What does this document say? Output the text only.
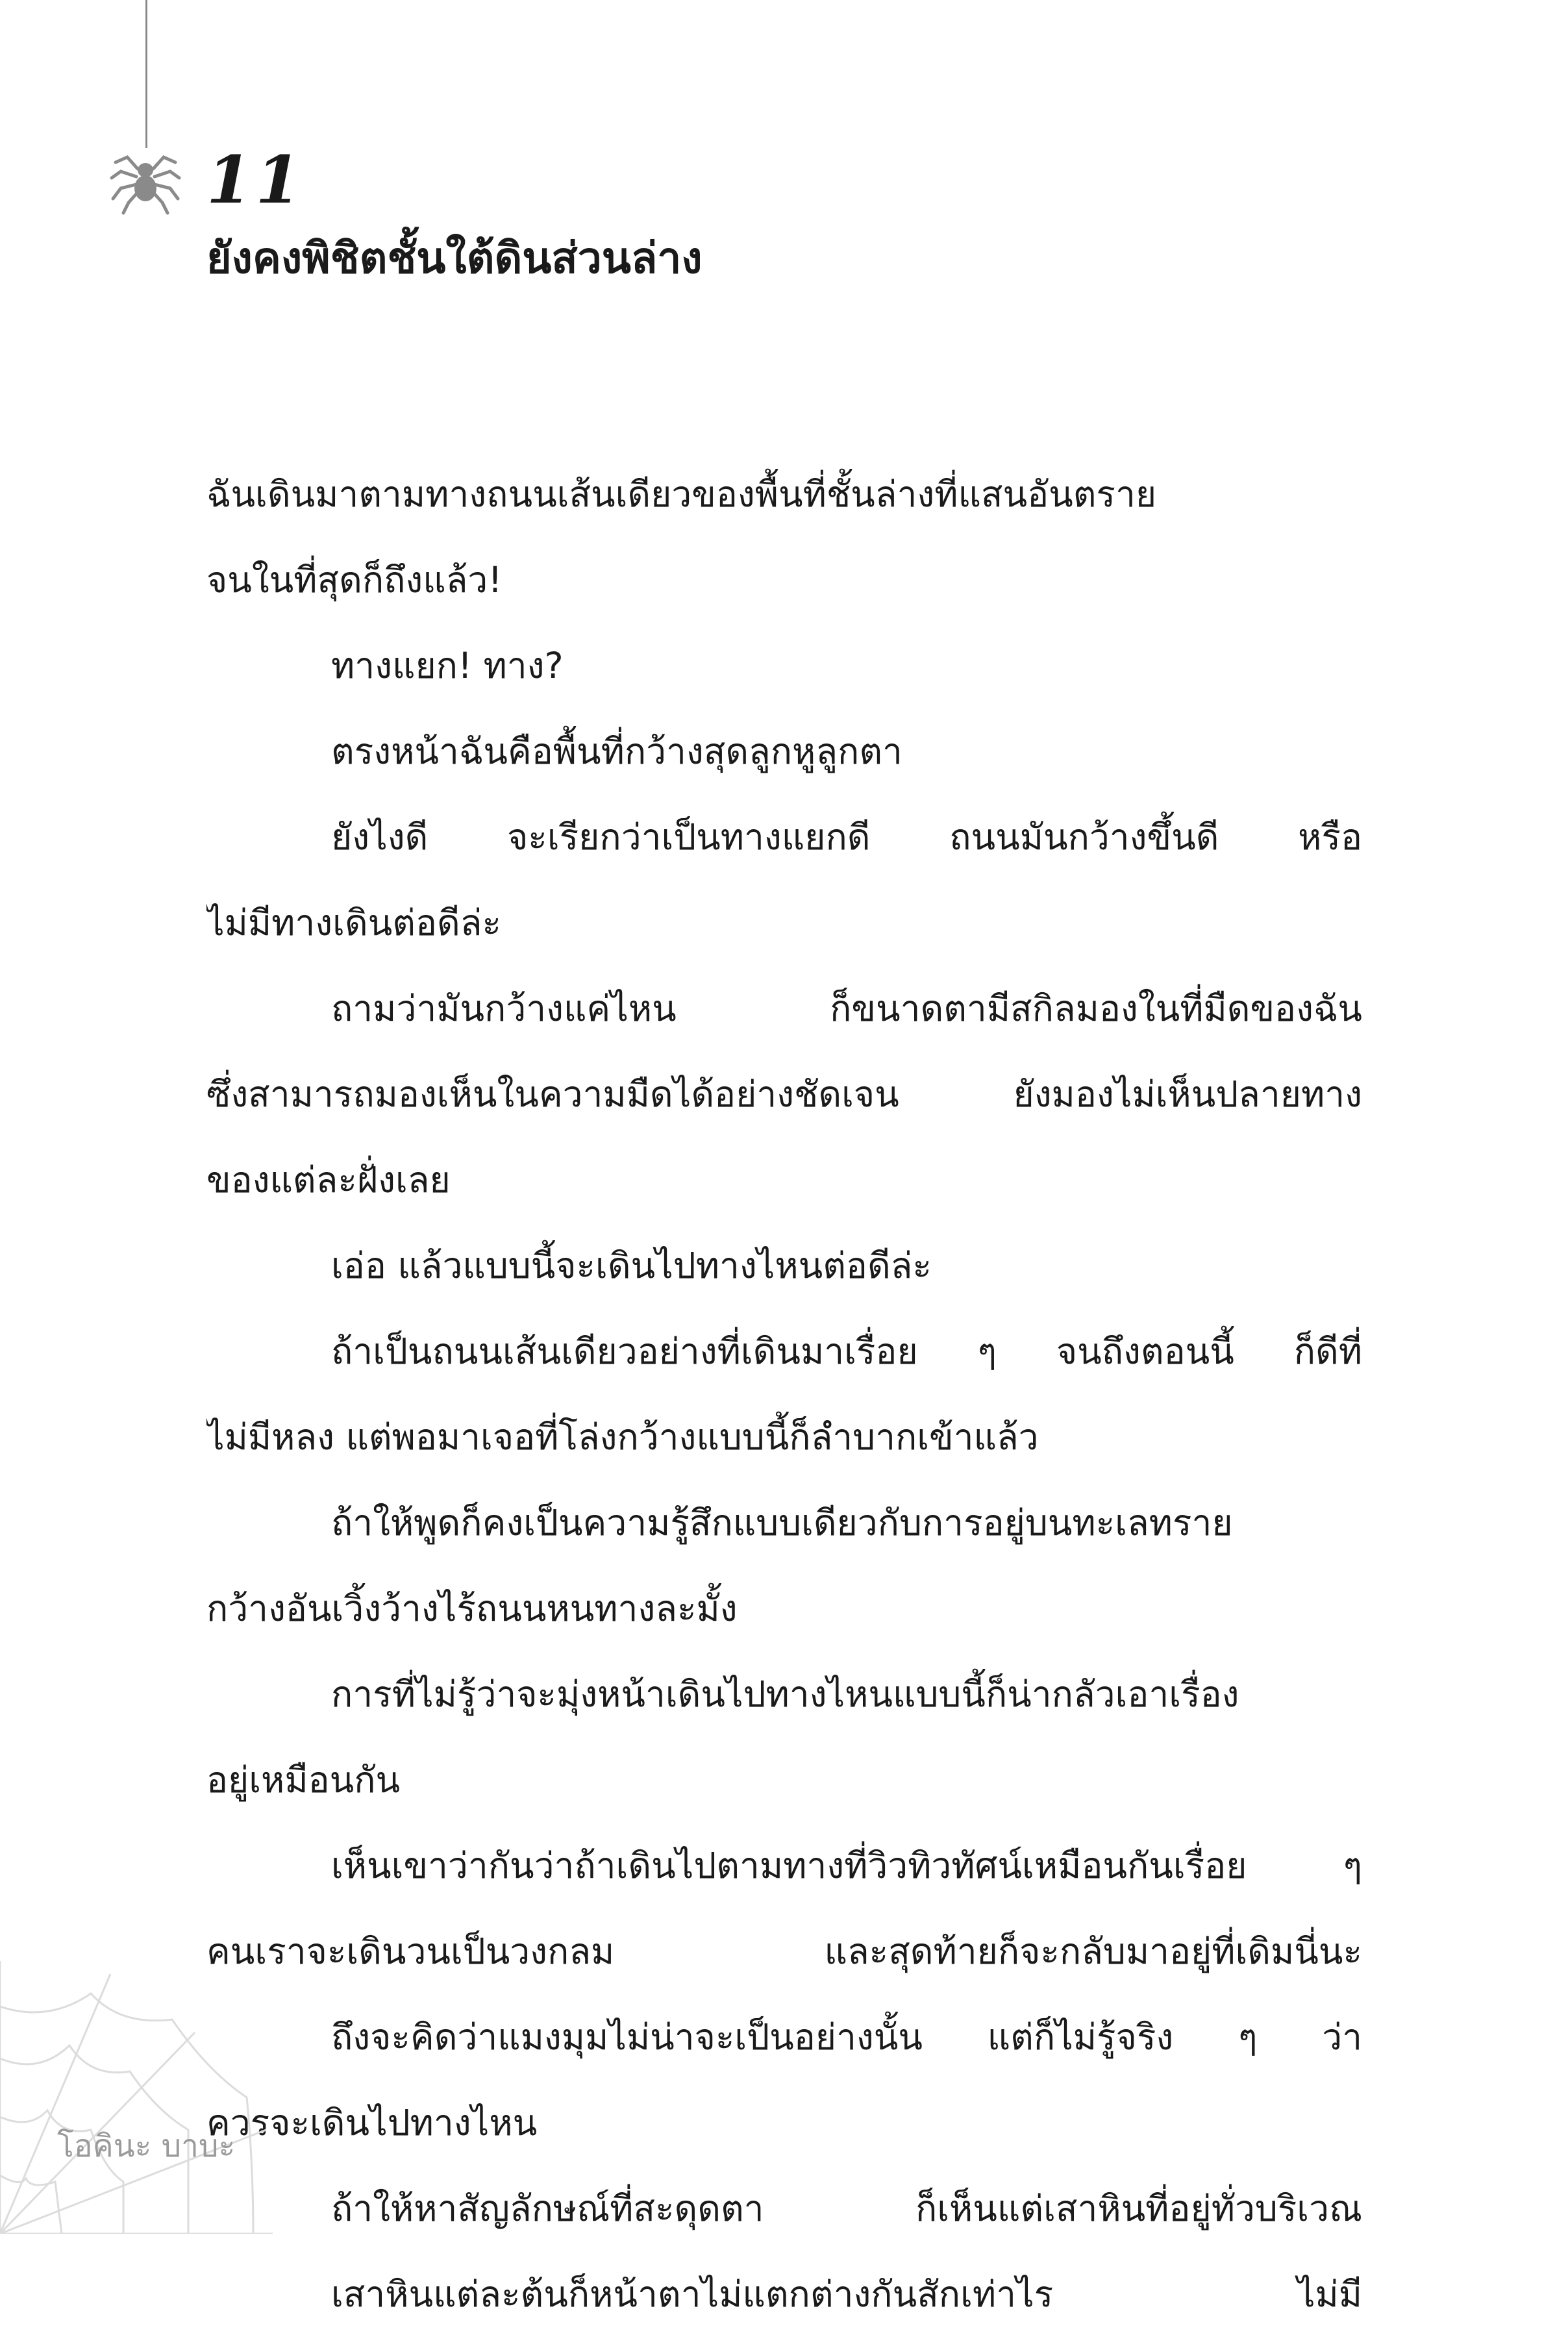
11
ยังคงพิชิตชั้นใต้ดินส่วนล่าง
ฉันเดินมาตามทางถนนเส้นเดียวของพื้นที่ชั้นล่างที่แสนอันตราย
จนในที่สุดก็ถึงแล้ว!
ทางแยก! ทาง?
ตรงหน้าฉันคือพื้นที่กว้างสุดลูกหูลูกตา
ยังไงดี จะเรียกว่าเป็นทางแยกดี ถนนมันกว้างขึ้นดี หรือ
ไม่มีทางเดินต่อดีล่ะ
ถามว่ามันกว้างแค่ไหน ก็ขนาดตามีสกิลมองในที่มืดของฉัน
ซึ่งสามารถมองเห็นในความมืดได้อย่างชัดเจน ยังมองไม่เห็นปลายทาง
ของแต่ละฝั่งเลย
เอ่อ แล้วแบบนี้จะเดินไปทางไหนต่อดีล่ะ
ถ้าเป็นถนนเส้นเดียวอย่างที่เดินมาเรื่อย ๆ จนถึงตอนนี้ ก็ดีที่
ไม่มีหลง แต่พอมาเจอที่โล่งกว้างแบบนี้ก็ลำบากเข้าแล้ว
ถ้าให้พูดก็คงเป็นความรู้สึกแบบเดียวกับการอยู่บนทะเลทราย
กว้างอันเวิ้งว้างไร้ถนนหนทางละมั้ง
การที่ไม่รู้ว่าจะมุ่งหน้าเดินไปทางไหนแบบนี้ก็น่ากลัวเอาเรื่อง
อยู่เหมือนกัน
เห็นเขาว่ากันว่าถ้าเดินไปตามทางที่วิวทิวทัศน์เหมือนกันเรื่อย ๆ
คนเราจะเดินวนเป็นวงกลม และสุดท้ายก็จะกลับมาอยู่ที่เดิมนี่นะ
ถึงจะคิดว่าแมงมุมไม่น่าจะเป็นอย่างนั้น แต่ก็ไม่รู้จริง ๆ ว่า
ควรจะเดินไปทางไหน
ถ้าให้หาสัญลักษณ์ที่สะดุดตา ก็เห็นแต่เสาหินที่อยู่ทั่วบริเวณ
เสาหินแต่ละต้นก็หน้าตาไม่แตกต่างกันสักเท่าไร ไม่มี
โอคินะ บาบะ
